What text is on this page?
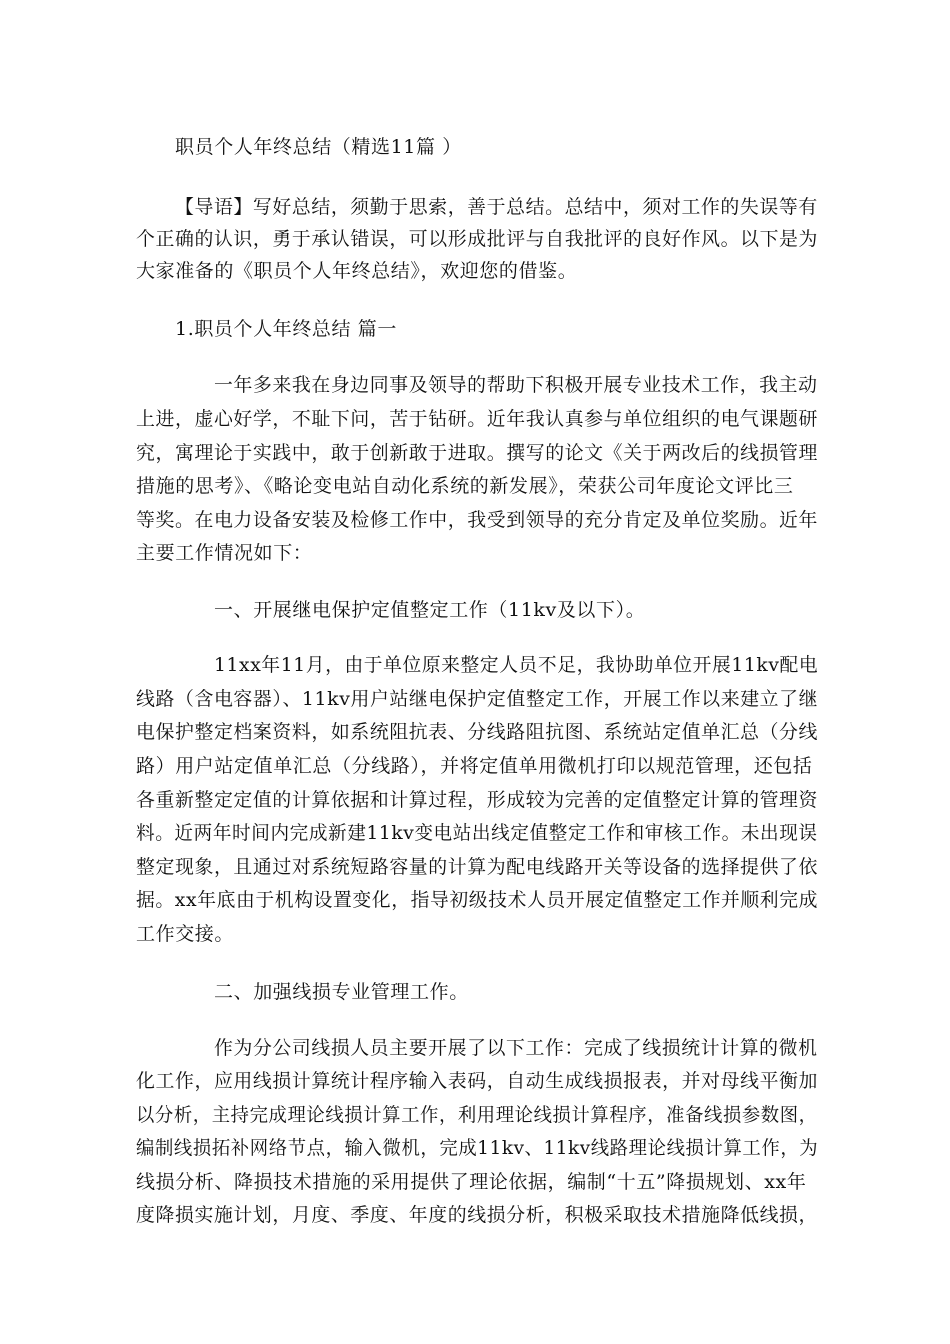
职员个人年终总结（精选11篇 ）
【导语】写好总结，须勤于思索，善于总结。总结中，须对工作的失误等有
个正确的认识，勇于承认错误，可以形成批评与自我批评的良好作风。以下是为
大家准备的《职员个人年终总结》，欢迎您的借鉴。
1.职员个人年终总结 篇一
一年多来我在身边同事及领导的帮助下积极开展专业技术工作，我主动
上进，虚心好学，不耻下问，苦于钻研。近年我认真参与单位组织的电气课题研
究，寓理论于实践中，敢于创新敢于进取。撰写的论文《关于两改后的线损管理
措施的思考》、《略论变电站自动化系统的新发展》，荣获公司年度论文评比三
等奖。在电力设备安装及检修工作中，我受到领导的充分肯定及单位奖励。近年
主要工作情况如下：
一、开展继电保护定值整定工作（11kv及以下）。
11xx年11月，由于单位原来整定人员不足，我协助单位开展11kv配电
线路（含电容器）、11kv用户站继电保护定值整定工作，开展工作以来建立了继
电保护整定档案资料，如系统阻抗表、分线路阻抗图、系统站定值单汇总（分线
路）用户站定值单汇总（分线路），并将定值单用微机打印以规范管理，还包括
各重新整定定值的计算依据和计算过程，形成较为完善的定值整定计算的管理资
料。近两年时间内完成新建11kv变电站出线定值整定工作和审核工作。未出现误
整定现象，且通过对系统短路容量的计算为配电线路开关等设备的选择提供了依
据。xx年底由于机构设置变化，指导初级技术人员开展定值整定工作并顺利完成
工作交接。
二、加强线损专业管理工作。
作为分公司线损人员主要开展了以下工作：完成了线损统计计算的微机
化工作，应用线损计算统计程序输入表码，自动生成线损报表，并对母线平衡加
以分析，主持完成理论线损计算工作，利用理论线损计算程序，准备线损参数图，
编制线损拓补网络节点，输入微机，完成11kv、11kv线路理论线损计算工作，为
线损分析、降损技术措施的采用提供了理论依据，编制“十五”降损规划、xx年
度降损实施计划，月度、季度、年度的线损分析，积极采取技术措施降低线损，
